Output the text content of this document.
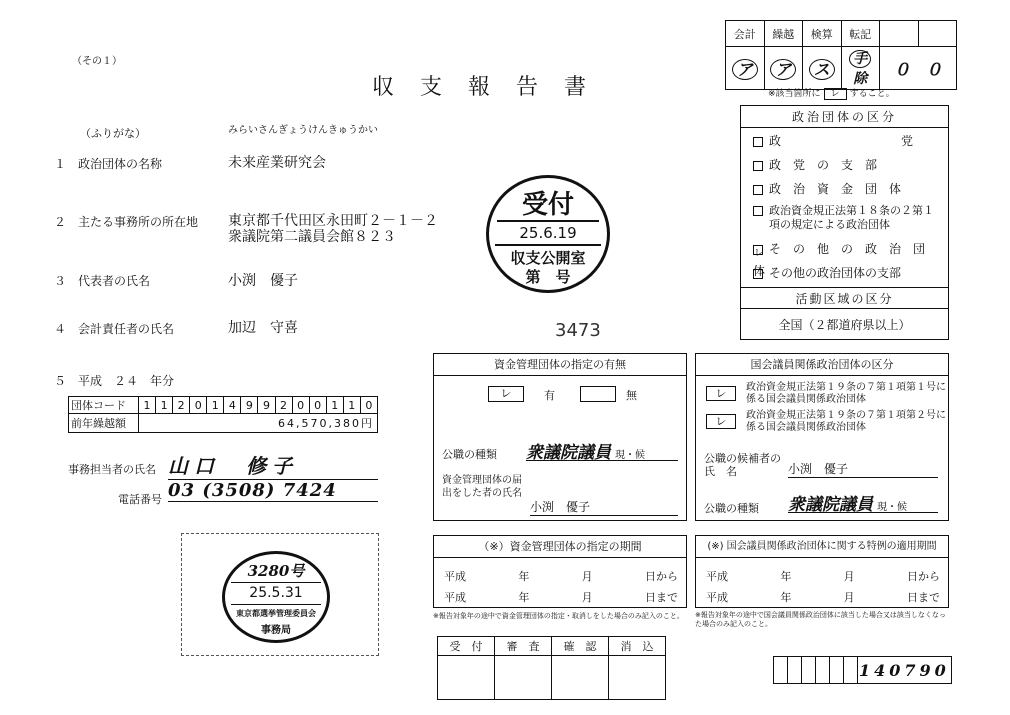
（その１）
収　支　報　告　書
会計	繰越	検算	転記		
ア	ア	ス	手除	０　０	
※該当箇所に レ すること。
（ふりがな）	みらいさんぎょうけんきゅうかい
１　政治団体の名称	未来産業研究会
２　主たる事務所の所在地 東京都千代田区永田町２－１－２
衆議院第二議員会館８２３
３　代表者の氏名	小渕　優子
４　会計責任者の氏名	加辺　守喜
５　平成　２４　年分
団体コード	1	1	2	0	1	4	9	9	2	0	0	1	1	0
前年繰越額	64,570,380円													
事務担当者の氏名 山口　修子
電話番号 03 (3508) 7424
受付
25.6.19
収支公開室
第　号
3473
3280号
25.5.31
東京都選挙管理委員会
事務局
政治団体の区分
政　　　　　　　　　　党
政　党　の　支　部
政　治　資　金　団　体
政治資金規正法第１８条の２第１項の規定による政治団体
レそ　の　他　の　政　治　団　体 その他の政治団体の支部
活動区域の区分
全国（２都道府県以上）
資金管理団体の指定の有無
レ	有	無
公職の種類 衆議院議員 現・候
資金管理団体の届出をした者の氏名
小渕　優子
国会議員関係政治団体の区分
レ	政治資金規正法第１９条の７第１項第１号に係る国会議員関係政治団体
レ	政治資金規正法第１９条の７第１項第２号に係る国会議員関係政治団体
公職の候補者の　氏　名	小渕　優子
公職の種類 衆議院議員 現・候
（※）資金管理団体の指定の期間
平成	年	月	日から
平成	年	月	日まで
※報告対象年の途中で資金管理団体の指定・取消しをした場合のみ記入のこと。
(※) 国会議員関係政治団体に関する特例の適用期間
平成	年	月	日から
平成	年	月	日まで
※報告対象年の途中で国会議員関係政治団体に該当した場合又は該当しなくなった場合のみ記入のこと。
受　付	審　査	確　認	消　込

						140790
